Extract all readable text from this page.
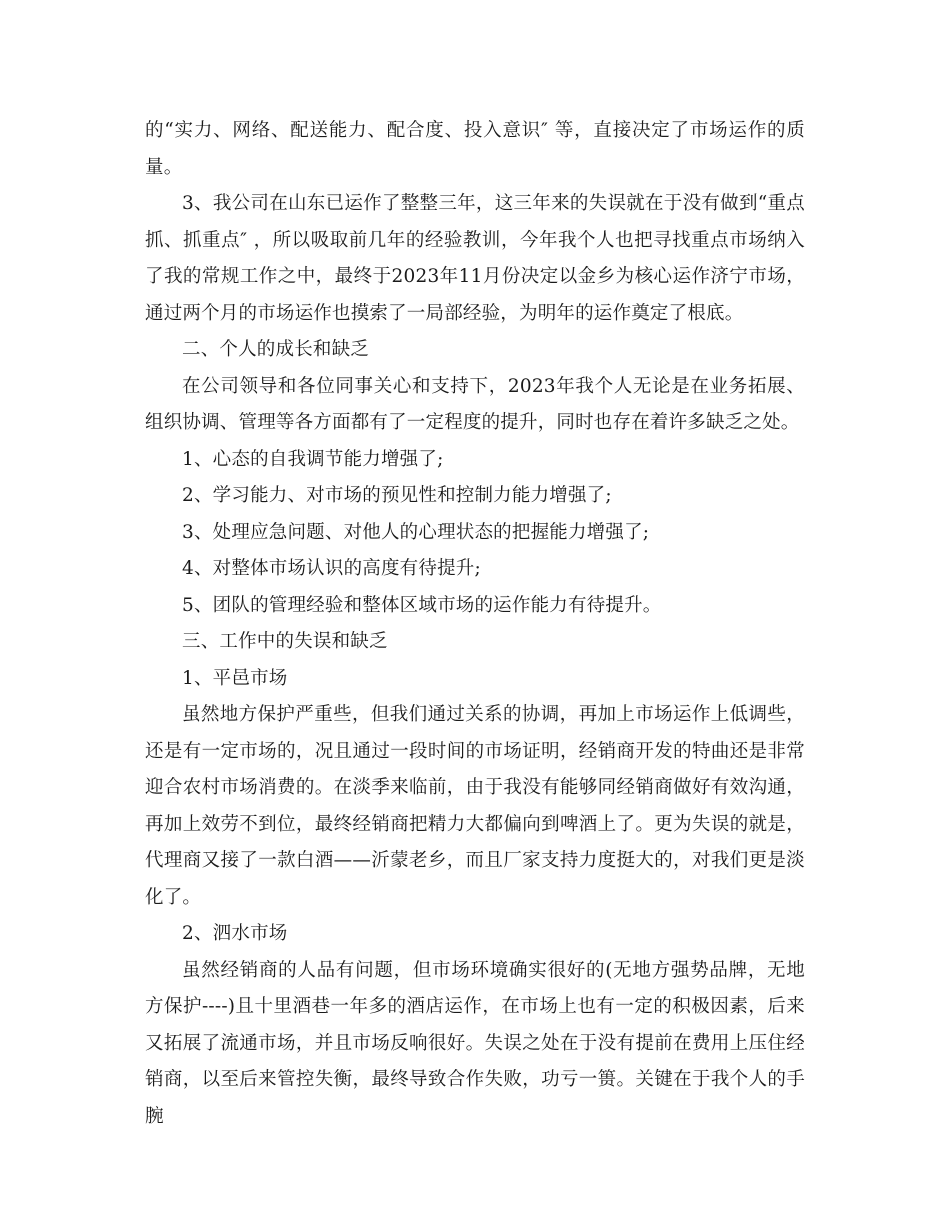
的“实力、网络、配送能力、配合度、投入意识″ 等，直接决定了市场运作的质量。

3、我公司在山东已运作了整整三年，这三年来的失误就在于没有做到“重点抓、抓重点″ ，所以吸取前几年的经验教训，今年我个人也把寻找重点市场纳入了我的常规工作之中，最终于2023年11月份决定以金乡为核心运作济宁市场，通过两个月的市场运作也摸索了一局部经验，为明年的运作奠定了根底。

二、个人的成长和缺乏

在公司领导和各位同事关心和支持下，2023年我个人无论是在业务拓展、组织协调、管理等各方面都有了一定程度的提升，同时也存在着许多缺乏之处。

1、心态的自我调节能力增强了;

2、学习能力、对市场的预见性和控制力能力增强了;

3、处理应急问题、对他人的心理状态的把握能力增强了;

4、对整体市场认识的高度有待提升;

5、团队的管理经验和整体区域市场的运作能力有待提升。

三、工作中的失误和缺乏

1、平邑市场

虽然地方保护严重些，但我们通过关系的协调，再加上市场运作上低调些，还是有一定市场的，况且通过一段时间的市场证明，经销商开发的特曲还是非常迎合农村市场消费的。在淡季来临前，由于我没有能够同经销商做好有效沟通，再加上效劳不到位，最终经销商把精力大都偏向到啤酒上了。更为失误的就是，代理商又接了一款白酒——沂蒙老乡，而且厂家支持力度挺大的，对我们更是淡化了。

2、泗水市场

虽然经销商的人品有问题，但市场环境确实很好的(无地方强势品牌，无地方保护----)且十里酒巷一年多的酒店运作，在市场上也有一定的积极因素，后来又拓展了流通市场，并且市场反响很好。失误之处在于没有提前在费用上压住经销商，以至后来管控失衡，最终导致合作失败，功亏一篑。关键在于我个人的手腕
